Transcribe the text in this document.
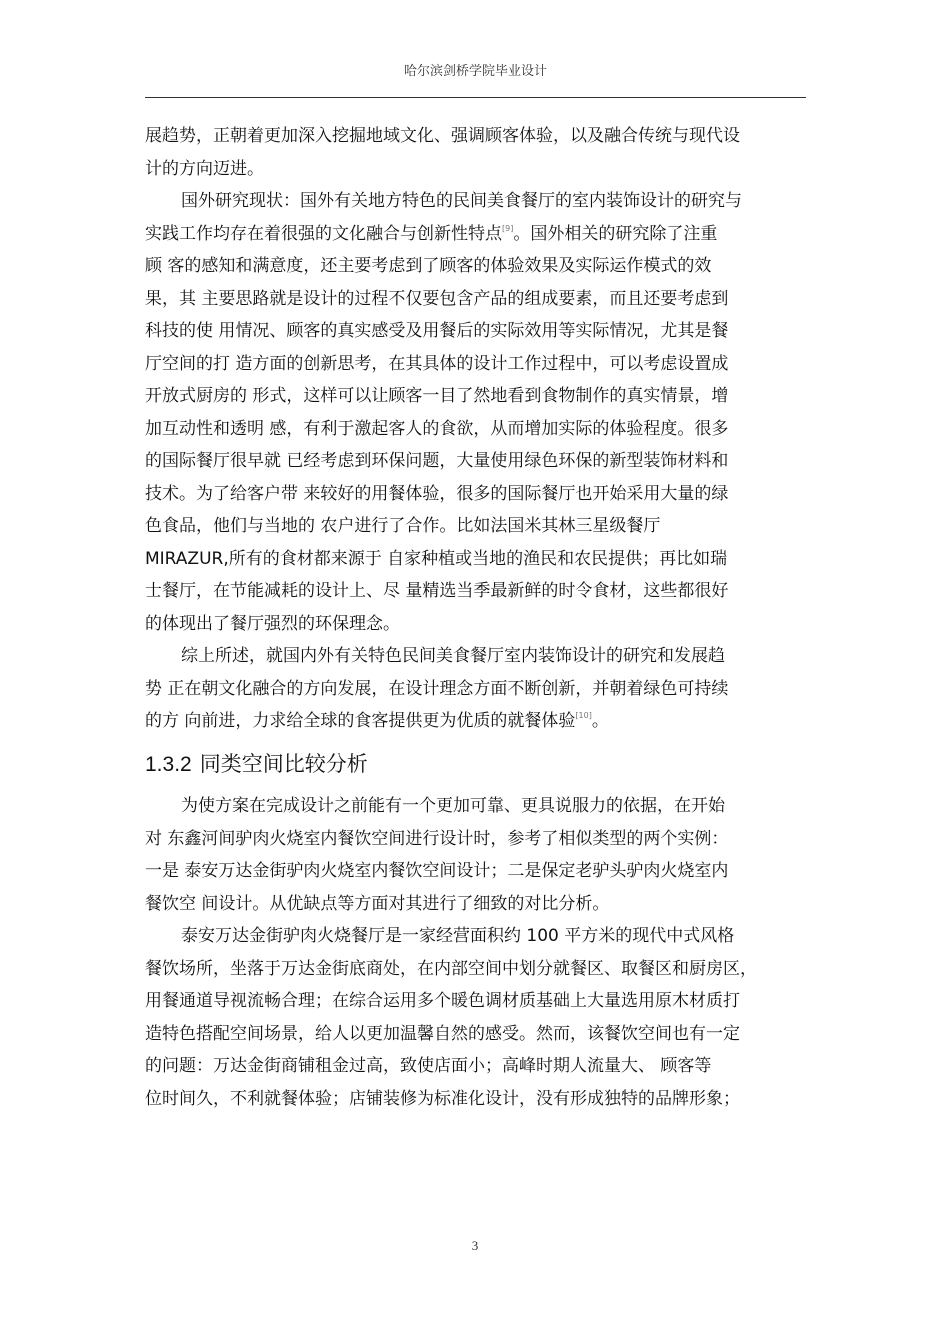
哈尔滨剑桥学院毕业设计
展趋势，正朝着更加深入挖掘地域文化、强调顾客体验，以及融合传统与现代设
计的方向迈进。
国外研究现状：国外有关地方特色的民间美食餐厅的室内装饰设计的研究与
实践工作均存在着很强的文化融合与创新性特点[9]。国外相关的研究除了注重
顾 客的感知和满意度，还主要考虑到了顾客的体验效果及实际运作模式的效
果，其 主要思路就是设计的过程不仅要包含产品的组成要素，而且还要考虑到
科技的使 用情况、顾客的真实感受及用餐后的实际效用等实际情况，尤其是餐
厅空间的打 造方面的创新思考，在其具体的设计工作过程中，可以考虑设置成
开放式厨房的 形式，这样可以让顾客一目了然地看到食物制作的真实情景，增
加互动性和透明 感，有利于激起客人的食欲，从而增加实际的体验程度。很多
的国际餐厅很早就 已经考虑到环保问题，大量使用绿色环保的新型装饰材料和
技术。为了给客户带 来较好的用餐体验，很多的国际餐厅也开始采用大量的绿
色食品，他们与当地的 农户进行了合作。比如法国米其林三星级餐厅
MIRAZUR,所有的食材都来源于 自家种植或当地的渔民和农民提供；再比如瑞
士餐厅，在节能减耗的设计上、尽 量精选当季最新鲜的时令食材，这些都很好
的体现出了餐厅强烈的环保理念。
综上所述，就国内外有关特色民间美食餐厅室内装饰设计的研究和发展趋
势 正在朝文化融合的方向发展，在设计理念方面不断创新，并朝着绿色可持续
的方 向前进，力求给全球的食客提供更为优质的就餐体验[10]。
1.3.2 同类空间比较分析
为使方案在完成设计之前能有一个更加可靠、更具说服力的依据，在开始
对 东鑫河间驴肉火烧室内餐饮空间进行设计时，参考了相似类型的两个实例：
一是 泰安万达金街驴肉火烧室内餐饮空间设计；二是保定老驴头驴肉火烧室内
餐饮空 间设计。从优缺点等方面对其进行了细致的对比分析。
泰安万达金街驴肉火烧餐厅是一家经营面积约 100 平方米的现代中式风格
餐饮场所，坐落于万达金街底商处，在内部空间中划分就餐区、取餐区和厨房区，
用餐通道导视流畅合理；在综合运用多个暖色调材质基础上大量选用原木材质打
造特色搭配空间场景，给人以更加温馨自然的感受。然而，该餐饮空间也有一定
的问题：万达金街商铺租金过高，致使店面小；高峰时期人流量大、 顾客等
位时间久，不利就餐体验；店铺装修为标准化设计，没有形成独特的品牌形象；
3
